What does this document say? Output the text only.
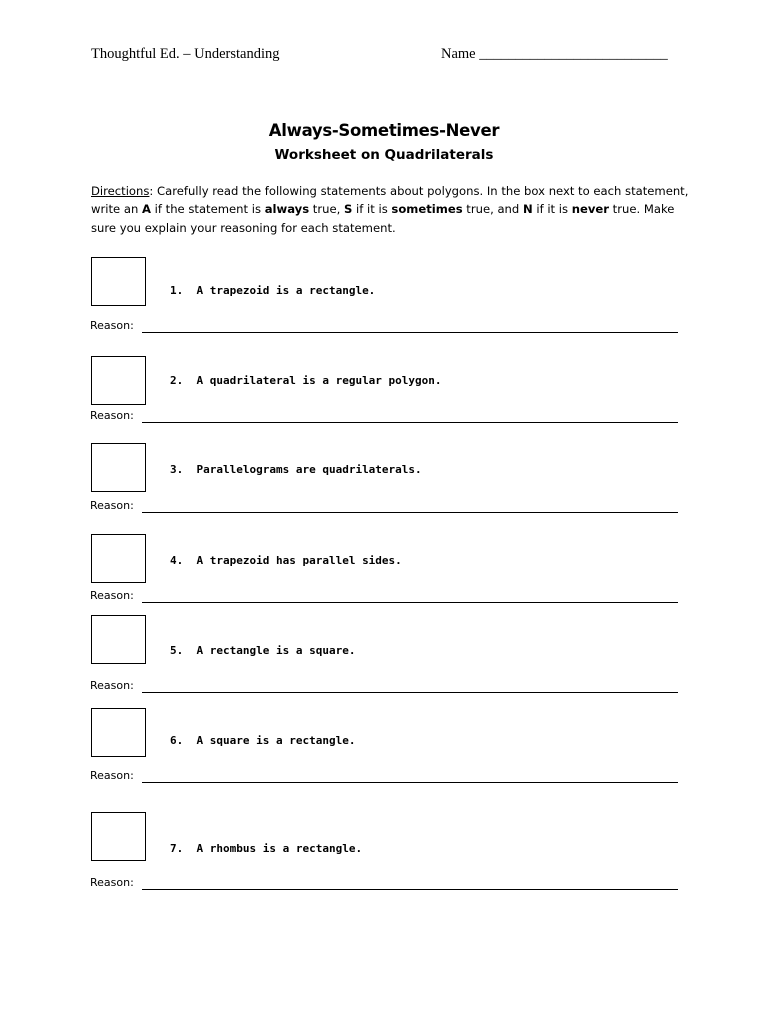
Thoughtful Ed. – Understanding	Name __________________________
Always-Sometimes-Never
Worksheet on Quadrilaterals
Directions: Carefully read the following statements about polygons. In the box next to each statement, write an A if the statement is always true, S if it is sometimes true, and N if it is never true. Make sure you explain your reasoning for each statement.
1. A trapezoid is a rectangle.
Reason:
2. A quadrilateral is a regular polygon.
Reason:
3. Parallelograms are quadrilaterals.
Reason:
4. A trapezoid has parallel sides.
Reason:
5. A rectangle is a square.
Reason:
6. A square is a rectangle.
Reason:
7. A rhombus is a rectangle.
Reason:
